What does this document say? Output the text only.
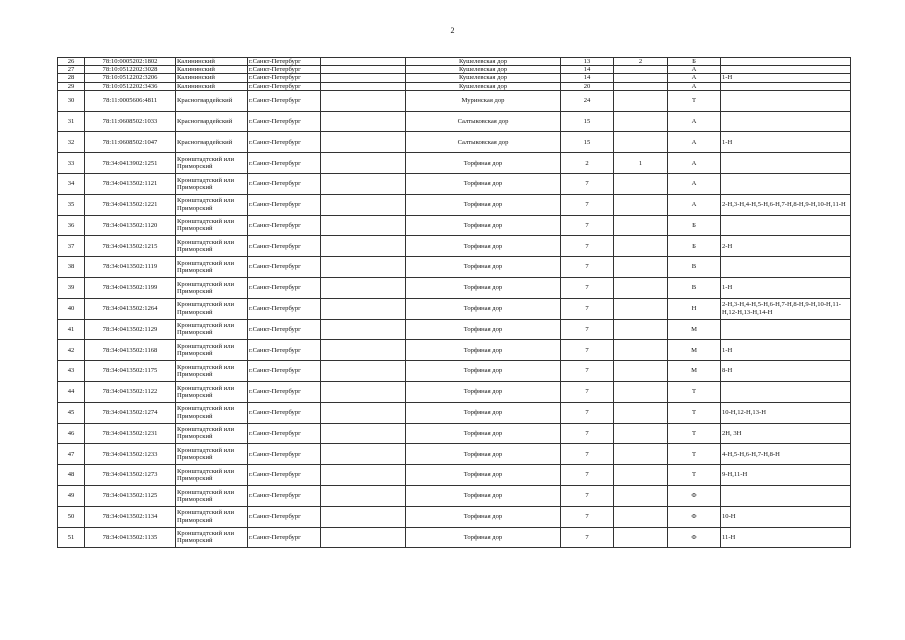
2
26	78:10:0005202:1802	Калининский	г.Санкт-Петербург		Кушелевская дор	13	2	Б	
27	78:10:0512202:3028	Калининский	г.Санкт-Петербург		Кушелевская дор	14		А	
28	78:10:0512202:3206	Калининский	г.Санкт-Петербург		Кушелевская дор	14		А	1-Н
29	78:10:0512202:3436	Калининский	г.Санкт-Петербург		Кушелевская дор	20		А	
30	78:11:0005606:4811	Красногвардейский	г.Санкт-Петербург		Муринская дор	24		Т	
31	78:11:0608502:1033	Красногвардейский	г.Санкт-Петербург		Салтыковская дор	15		А	
32	78:11:0608502:1047	Красногвардейский	г.Санкт-Петербург		Салтыковская дор	15		А	1-Н
33	78:34:0413902:1251	Кронштадтский или Приморский	г.Санкт-Петербург		Торфяная дор	2	1	А	
34	78:34:0413502:1121	Кронштадтский или Приморский	г.Санкт-Петербург		Торфяная дор	7		А	
35	78:34:0413502:1221	Кронштадтский или Приморский	г.Санкт-Петербург		Торфяная дор	7		А	2-Н,3-Н,4-Н,5-Н,6-Н,7-Н,8-Н,9-Н,10-Н,11-Н
36	78:34:0413502:1120	Кронштадтский или Приморский	г.Санкт-Петербург		Торфяная дор	7		Б	
37	78:34:0413502:1215	Кронштадтский или Приморский	г.Санкт-Петербург		Торфяная дор	7		Б	2-Н
38	78:34:0413502:1119	Кронштадтский или Приморский	г.Санкт-Петербург		Торфяная дор	7		В	
39	78:34:0413502:1199	Кронштадтский или Приморский	г.Санкт-Петербург		Торфяная дор	7		В	1-Н
40	78:34:0413502:1264	Кронштадтский или Приморский	г.Санкт-Петербург		Торфяная дор	7		Н	2-Н,3-Н,4-Н,5-Н,6-Н,7-Н,8-Н,9-Н,10-Н,11-Н,12-Н,13-Н,14-Н
41	78:34:0413502:1129	Кронштадтский или Приморский	г.Санкт-Петербург		Торфяная дор	7		М	
42	78:34:0413502:1168	Кронштадтский или Приморский	г.Санкт-Петербург		Торфяная дор	7		М	1-Н
43	78:34:0413502:1175	Кронштадтский или Приморский	г.Санкт-Петербург		Торфяная дор	7		М	8-Н
44	78:34:0413502:1122	Кронштадтский или Приморский	г.Санкт-Петербург		Торфяная дор	7		Т	
45	78:34:0413502:1274	Кронштадтский или Приморский	г.Санкт-Петербург		Торфяная дор	7		Т	10-Н,12-Н,13-Н
46	78:34:0413502:1231	Кронштадтский или Приморский	г.Санкт-Петербург		Торфяная дор	7		Т	2Н, 3Н
47	78:34:0413502:1233	Кронштадтский или Приморский	г.Санкт-Петербург		Торфяная дор	7		Т	4-Н,5-Н,6-Н,7-Н,8-Н
48	78:34:0413502:1273	Кронштадтский или Приморский	г.Санкт-Петербург		Торфяная дор	7		Т	9-Н,11-Н
49	78:34:0413502:1125	Кронштадтский или Приморский	г.Санкт-Петербург		Торфяная дор	7		Ф	
50	78:34:0413502:1134	Кронштадтский или Приморский	г.Санкт-Петербург		Торфяная дор	7		Ф	10-Н
51	78:34:0413502:1135	Кронштадтский или Приморский	г.Санкт-Петербург		Торфяная дор	7		Ф	11-Н
